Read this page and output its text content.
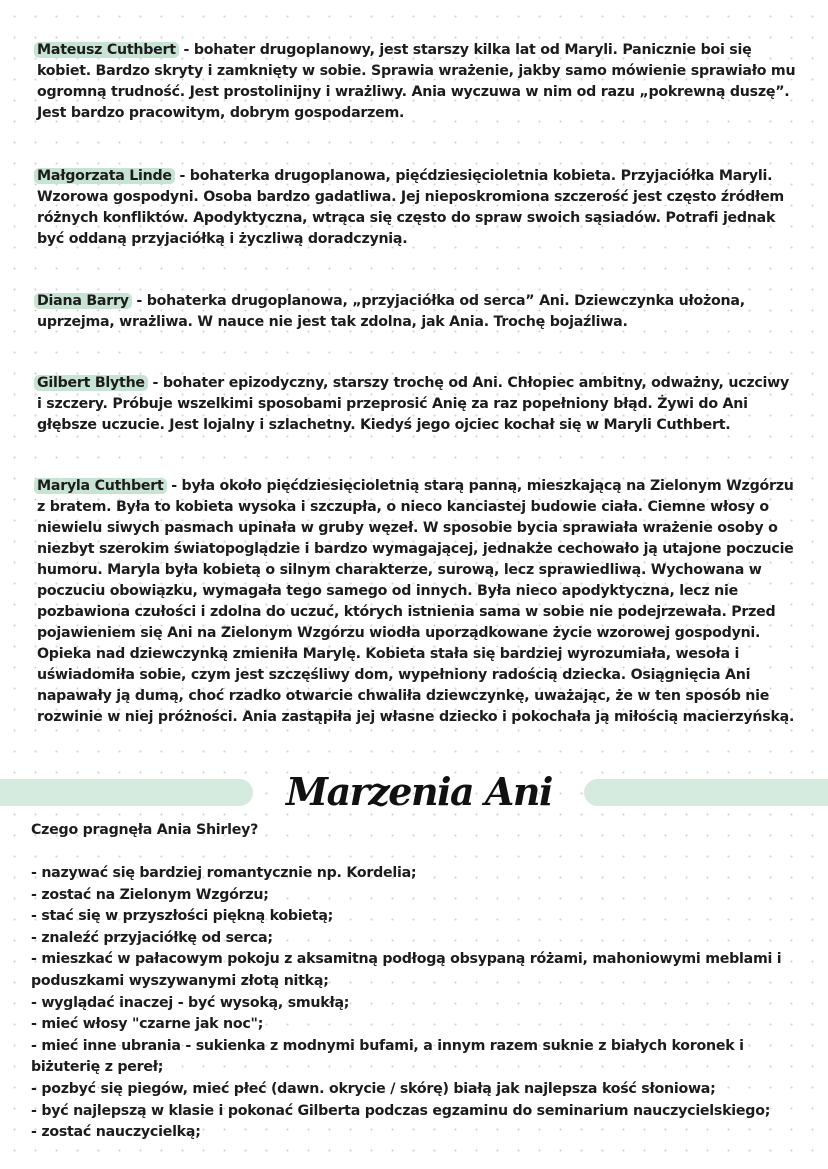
Mateusz Cuthbert - bohater drugoplanowy, jest starszy kilka lat od Maryli. Panicznie boi się kobiet. Bardzo skryty i zamknięty w sobie. Sprawia wrażenie, jakby samo mówienie sprawiało mu ogromną trudność. Jest prostolinijny i wrażliwy. Ania wyczuwa w nim od razu „pokrewną duszę”. Jest bardzo pracowitym, dobrym gospodarzem.
Małgorzata Linde - bohaterka drugoplanowa, pięćdziesięcioletnia kobieta. Przyjaciółka Maryli. Wzorowa gospodyni. Osoba bardzo gadatliwa. Jej nieposkromiona szczerość jest często źródłem różnych konfliktów. Apodyktyczna, wtrąca się często do spraw swoich sąsiadów. Potrafi jednak być oddaną przyjaciółką i życzliwą doradczynią.
Diana Barry - bohaterka drugoplanowa, „przyjaciółka od serca” Ani. Dziewczynka ułożona, uprzejma, wrażliwa. W nauce nie jest tak zdolna, jak Ania. Trochę bojaźliwa.
Gilbert Blythe - bohater epizodyczny, starszy trochę od Ani. Chłopiec ambitny, odważny, uczciwy i szczery. Próbuje wszelkimi sposobami przeprosić Anię za raz popełniony błąd. Żywi do Ani głębsze uczucie. Jest lojalny i szlachetny. Kiedyś jego ojciec kochał się w Maryli Cuthbert.
Maryla Cuthbert - była około pięćdziesięcioletnią starą panną, mieszkającą na Zielonym Wzgórzu z bratem. Była to kobieta wysoka i szczupła, o nieco kanciastej budowie ciała. Ciemne włosy o niewielu siwych pasmach upinała w gruby węzeł. W sposobie bycia sprawiała wrażenie osoby o niezbyt szerokim światopoglądzie i bardzo wymagającej, jednakże cechowało ją utajone poczucie humoru. Maryla była kobietą o silnym charakterze, surową, lecz sprawiedliwą. Wychowana w poczuciu obowiązku, wymagała tego samego od innych. Była nieco apodyktyczna, lecz nie pozbawiona czułości i zdolna do uczuć, których istnienia sama w sobie nie podejrzewała. Przed pojawieniem się Ani na Zielonym Wzgórzu wiodła uporządkowane życie wzorowej gospodyni. Opieka nad dziewczynką zmieniła Marylę. Kobieta stała się bardziej wyrozumiała, wesoła i uświadomiła sobie, czym jest szczęśliwy dom, wypełniony radością dziecka. Osiągnięcia Ani napawały ją dumą, choć rzadko otwarcie chwaliła dziewczynkę, uważając, że w ten sposób nie rozwinie w niej próżności. Ania zastąpiła jej własne dziecko i pokochała ją miłością macierzyńską.
Marzenia Ani
Czego pragnęła Ania Shirley?
- nazywać się bardziej romantycznie np. Kordelia;
- zostać na Zielonym Wzgórzu;
- stać się w przyszłości piękną kobietą;
- znaleźć przyjaciółkę od serca;
- mieszkać w pałacowym pokoju z aksamitną podłogą obsypaną różami, mahoniowymi meblami i poduszkami wyszywanymi złotą nitką;
- wyglądać inaczej - być wysoką, smukłą;
- mieć włosy "czarne jak noc";
- mieć inne ubrania - sukienka z modnymi bufami, a innym razem suknie z białych koronek i biżuterię z pereł;
- pozbyć się piegów, mieć płeć (dawn. okrycie / skórę) białą jak najlepsza kość słoniowa;
- być najlepszą w klasie i pokonać Gilberta podczas egzaminu do seminarium nauczycielskiego;
- zostać nauczycielką;
